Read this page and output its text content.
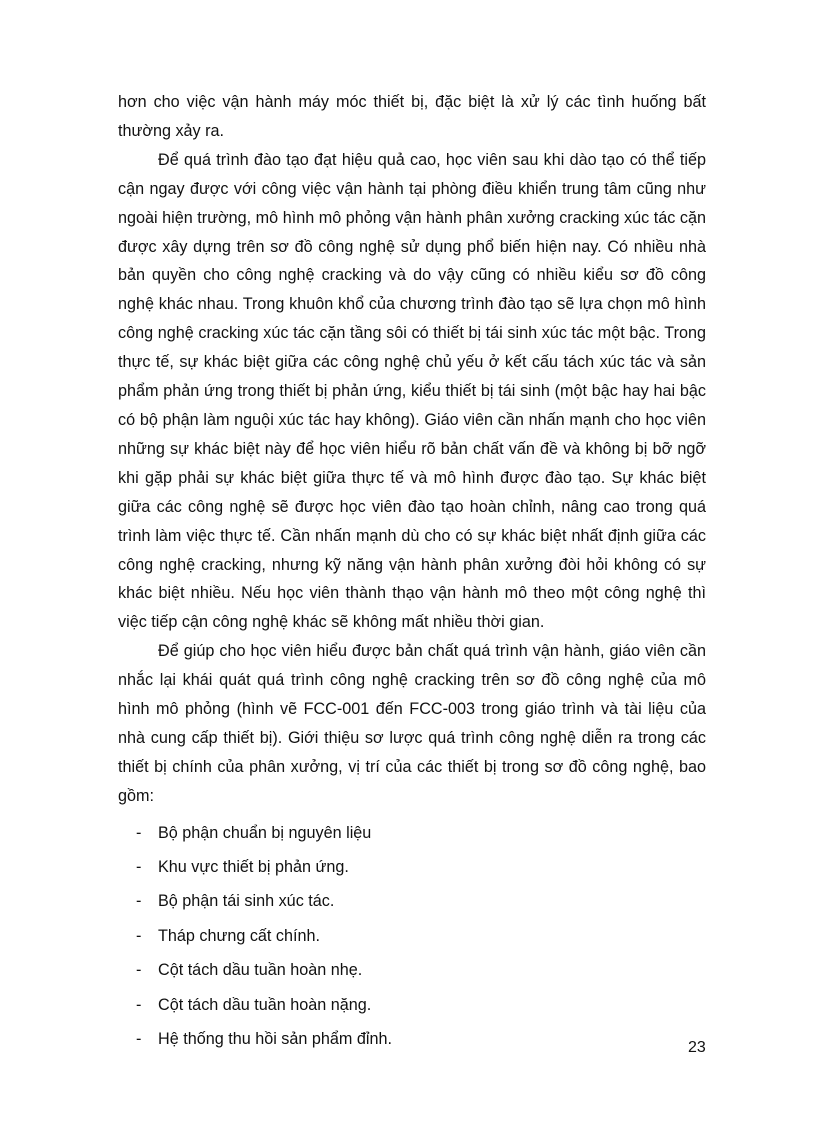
hơn cho việc vận hành máy móc thiết bị, đặc biệt là xử lý các tình huống bất thường xảy ra.

Để quá trình đào tạo đạt hiệu quả cao, học viên sau khi dào tạo có thể tiếp cận ngay được với công việc vận hành tại phòng điều khiển trung tâm cũng như ngoài hiện trường, mô hình mô phỏng vận hành phân xưởng cracking xúc tác cặn được xây dựng trên sơ đồ công nghệ sử dụng phổ biến hiện nay. Có nhiều nhà bản quyền cho công nghệ cracking và do vậy cũng có nhiều kiểu sơ đồ công nghệ khác nhau. Trong khuôn khổ của chương trình đào tạo sẽ lựa chọn mô hình công nghệ cracking xúc tác cặn tầng sôi có thiết bị tái sinh xúc tác một bậc. Trong thực tế, sự khác biệt giữa các công nghệ chủ yếu ở kết cấu tách xúc tác và sản phẩm phản ứng trong thiết bị phản ứng, kiểu thiết bị tái sinh (một bậc hay hai bậc có bộ phận làm nguội xúc tác hay không). Giáo viên cần nhấn mạnh cho học viên những sự khác biệt này để học viên hiểu rõ bản chất vấn đề và không bị bỡ ngỡ khi gặp phải sự khác biệt giữa thực tế và mô hình được đào tạo. Sự khác biệt giữa các công nghệ sẽ được học viên đào tạo hoàn chỉnh, nâng cao trong quá trình làm việc thực tế. Cần nhấn mạnh dù cho có sự khác biệt nhất định giữa các công nghệ cracking, nhưng kỹ năng vận hành phân xưởng đòi hỏi không có sự khác biệt nhiều. Nếu học viên thành thạo vận hành mô theo một công nghệ thì việc tiếp cận công nghệ khác sẽ không mất nhiều thời gian.

Để giúp cho học viên hiểu được bản chất quá trình vận hành, giáo viên cần nhắc lại khái quát quá trình công nghệ cracking trên sơ đồ công nghệ của mô hình mô phỏng (hình vẽ FCC-001 đến FCC-003 trong giáo trình và tài liệu của nhà cung cấp thiết bị). Giới thiệu sơ lược quá trình công nghệ diễn ra trong các thiết bị chính của phân xưởng, vị trí của các thiết bị trong sơ đồ công nghệ, bao gồm:

- Bộ phận chuẩn bị nguyên liệu
- Khu vực thiết bị phản ứng.
- Bộ phận tái sinh xúc tác.
- Tháp chưng cất chính.
- Cột tách dầu tuần hoàn nhẹ.
- Cột tách dầu tuần hoàn nặng.
- Hệ thống thu hồi sản phẩm đỉnh.	23
